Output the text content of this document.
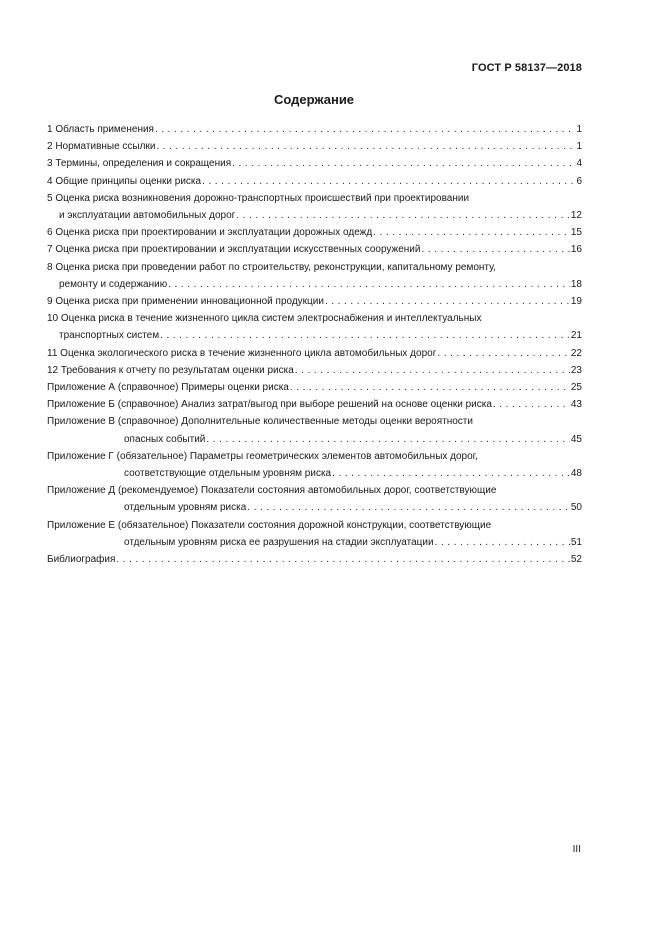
ГОСТ Р 58137—2018
Содержание
1 Область применения . . .	1
2 Нормативные ссылки . . .	1
3 Термины, определения и сокращения . . .	4
4 Общие принципы оценки риска . . .	6
5 Оценка риска возникновения дорожно-транспортных происшествий при проектировании
и эксплуатации автомобильных дорог . . .	12
6 Оценка риска при проектировании и эксплуатации дорожных одежд . . .	15
7 Оценка риска при проектировании и эксплуатации искусственных сооружений . . .	16
8 Оценка риска при проведении работ по строительству, реконструкции, капитальному ремонту,
ремонту и содержанию . . .	18
9 Оценка риска при применении инновационной продукции . . .	19
10 Оценка риска в течение жизненного цикла систем электроснабжения и интеллектуальных
транспортных систем . . .	21
11 Оценка экологического риска в течение жизненного цикла автомобильных дорог . . .	22
12 Требования к отчету по результатам оценки риска . . .	23
Приложение А (справочное) Примеры оценки риска . . .	25
Приложение Б (справочное) Анализ затрат/выгод при выборе решений на основе оценки риска . . .	43
Приложение В (справочное) Дополнительные количественные методы оценки вероятности
опасных событий . . .	45
Приложение Г (обязательное) Параметры геометрических элементов автомобильных дорог,
соответствующие отдельным уровням риска . . .	48
Приложение Д (рекомендуемое) Показатели состояния автомобильных дорог, соответствующие
отдельным уровням риска . . .	50
Приложение Е (обязательное) Показатели состояния дорожной конструкции, соответствующие
отдельным уровням риска ее разрушения на стадии эксплуатации . . .	51
Библиография . . .	52
III
